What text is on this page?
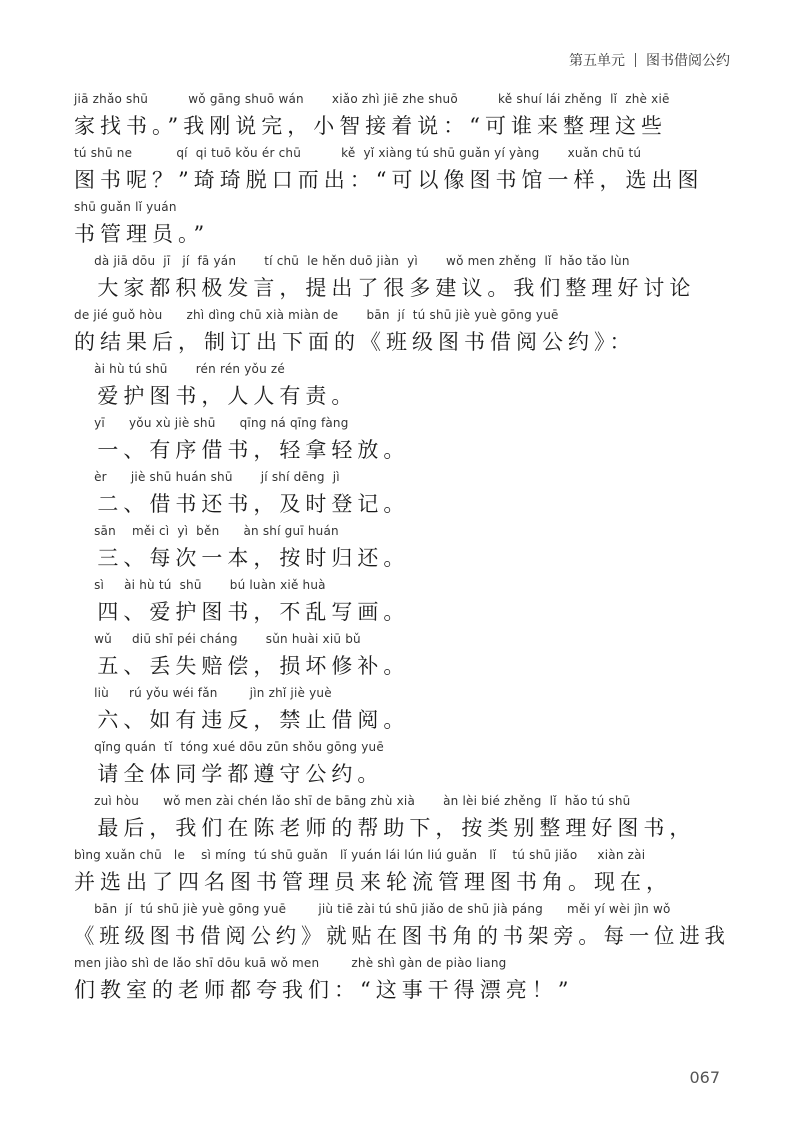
第五单元 图书借阅公约

jiā zhǎo shū          wǒ gāng shuō wán       xiǎo zhì jiē zhe shuō          kě shuí lái zhěng  lǐ  zhè xiē

家找书。”我刚说完，小智接着说：“可谁来整理这些

tú shū ne           qí  qi tuō kǒu ér chū          kě  yǐ xiàng tú shū guǎn yí yàng       xuǎn chū tú

图书呢？”琦琦脱口而出：“可以像图书馆一样，选出图

shū guǎn lǐ yuán

书管理员。”

dà jiā dōu  jī   jí  fā yán       tí chū  le hěn duō jiàn  yì       wǒ men zhěng  lǐ  hǎo tǎo lùn

大家都积极发言，提出了很多建议。我们整理好讨论

de jié guǒ hòu      zhì dìng chū xià miàn de       bān  jí  tú shū jiè yuè gōng yuē

的结果后，制订出下面的《班级图书借阅公约》：

ài hù tú shū       rén rén yǒu zé

爱护图书，人人有责。

yī      yǒu xù jiè shū      qīng ná qīng fàng

一、有序借书，轻拿轻放。

èr      jiè shū huán shū       jí shí dēng  jì

二、借书还书，及时登记。

sān    měi cì  yì  běn      àn shí guī huán

三、每次一本，按时归还。

sì     ài hù tú  shū       bú luàn xiě huà

四、爱护图书，不乱写画。

wǔ     diū shī péi cháng       sǔn huài xiū bǔ

五、丢失赔偿，损坏修补。

liù     rú yǒu wéi fǎn        jìn zhǐ jiè yuè

六、如有违反，禁止借阅。

qǐng quán  tǐ  tóng xué dōu zūn shǒu gōng yuē

请全体同学都遵守公约。

zuì hòu      wǒ men zài chén lǎo shī de bāng zhù xià       àn lèi bié zhěng  lǐ  hǎo tú shū

最后，我们在陈老师的帮助下，按类别整理好图书，

bìng xuǎn chū   le    sì míng  tú shū guǎn   lǐ yuán lái lún liú guǎn   lǐ    tú shū jiǎo     xiàn zài

并选出了四名图书管理员来轮流管理图书角。现在，

bān  jí  tú shū jiè yuè gōng yuē        jiù tiē zài tú shū jiǎo de shū jià páng      měi yí wèi jìn wǒ

《班级图书借阅公约》就贴在图书角的书架旁。每一位进我

men jiào shì de lǎo shī dōu kuā wǒ men        zhè shì gàn de piào liang

们教室的老师都夸我们：“这事干得漂亮！”

067
